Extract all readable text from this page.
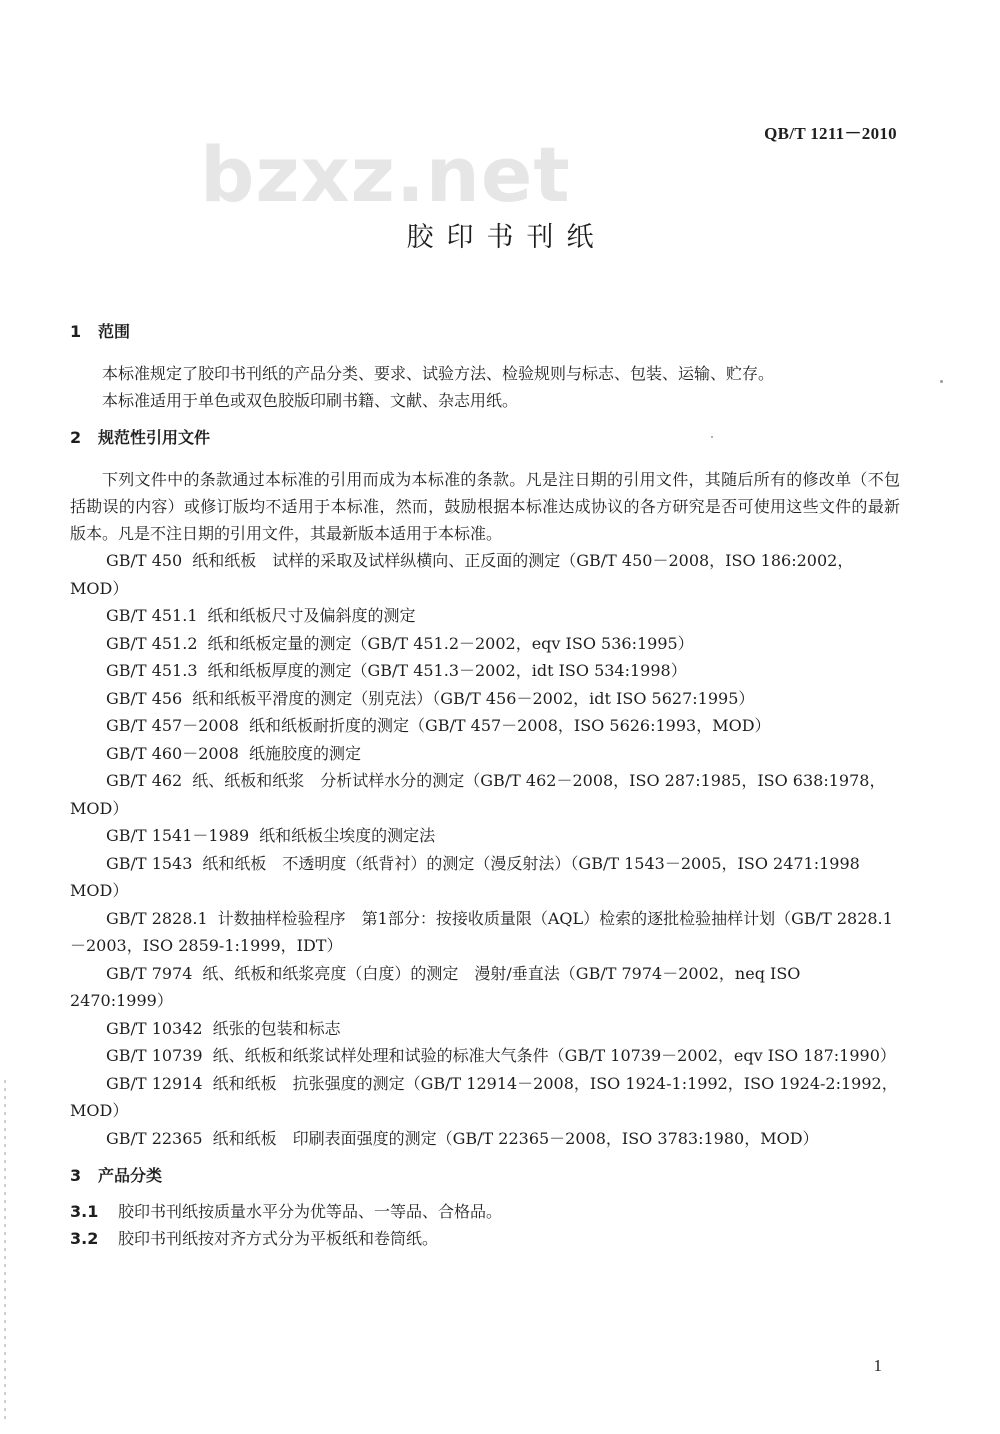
bzxz.net	QB/T 1211－2010
胶印书刊纸
1 范围

本标准规定了胶印书刊纸的产品分类、要求、试验方法、检验规则与标志、包装、运输、贮存。

本标准适用于单色或双色胶版印刷书籍、文献、杂志用纸。

2 规范性引用文件

下列文件中的条款通过本标准的引用而成为本标准的条款。凡是注日期的引用文件，其随后所有的修改单（不包括勘误的内容）或修订版均不适用于本标准，然而，鼓励根据本标准达成协议的各方研究是否可使用这些文件的最新版本。凡是不注日期的引用文件，其最新版本适用于本标准。

GB/T 450 纸和纸板　试样的采取及试样纵横向、正反面的测定（GB/T 450－2008，ISO 186:2002，MOD）

GB/T 451.1 纸和纸板尺寸及偏斜度的测定

GB/T 451.2 纸和纸板定量的测定（GB/T 451.2－2002，eqv ISO 536:1995）

GB/T 451.3 纸和纸板厚度的测定（GB/T 451.3－2002，idt ISO 534:1998）

GB/T 456 纸和纸板平滑度的测定（别克法）（GB/T 456－2002，idt ISO 5627:1995）

GB/T 457－2008 纸和纸板耐折度的测定（GB/T 457－2008，ISO 5626:1993，MOD）

GB/T 460－2008 纸施胶度的测定

GB/T 462 纸、纸板和纸浆　分析试样水分的测定（GB/T 462－2008，ISO 287:1985，ISO 638:1978，MOD）

GB/T 1541－1989 纸和纸板尘埃度的测定法

GB/T 1543 纸和纸板　不透明度（纸背衬）的测定（漫反射法）（GB/T 1543－2005，ISO 2471:1998 MOD）

GB/T 2828.1 计数抽样检验程序　第1部分：按接收质量限（AQL）检索的逐批检验抽样计划（GB/T 2828.1－2003，ISO 2859-1:1999，IDT）

GB/T 7974 纸、纸板和纸浆亮度（白度）的测定　漫射/垂直法（GB/T 7974－2002，neq ISO 2470:1999）

GB/T 10342 纸张的包装和标志

GB/T 10739 纸、纸板和纸浆试样处理和试验的标准大气条件（GB/T 10739－2002，eqv ISO 187:1990）

GB/T 12914 纸和纸板　抗张强度的测定（GB/T 12914－2008，ISO 1924-1:1992，ISO 1924-2:1992，MOD）

GB/T 22365 纸和纸板　印刷表面强度的测定（GB/T 22365－2008，ISO 3783:1980，MOD）

3 产品分类
3.1 胶印书刊纸按质量水平分为优等品、一等品、合格品。
3.2 胶印书刊纸按对齐方式分为平板纸和卷筒纸。
1
